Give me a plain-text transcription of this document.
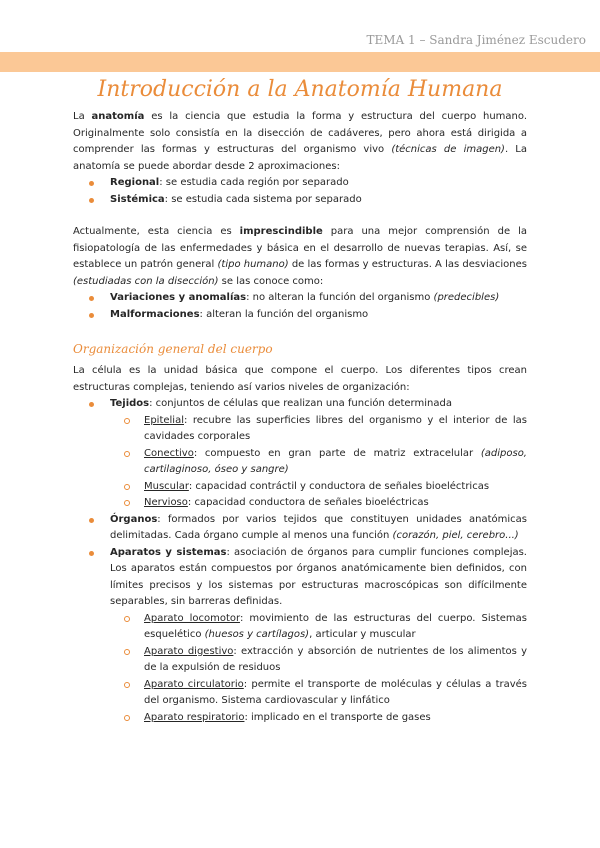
TEMA 1 – Sandra Jiménez Escudero
Introducción a la Anatomía Humana

La anatomía es la ciencia que estudia la forma y estructura del cuerpo humano. Originalmente solo consistía en la disección de cadáveres, pero ahora está dirigida a comprender las formas y estructuras del organismo vivo (técnicas de imagen). La anatomía se puede abordar desde 2 aproximaciones:

Regional: se estudia cada región por separado
Sistémica: se estudia cada sistema por separado

Actualmente, esta ciencia es imprescindible para una mejor comprensión de la fisiopatología de las enfermedades y básica en el desarrollo de nuevas terapias. Así, se establece un patrón general (tipo humano) de las formas y estructuras. A las desviaciones (estudiadas con la disección) se las conoce como:

Variaciones y anomalías: no alteran la función del organismo (predecibles)
Malformaciones: alteran la función del organismo
Organización general del cuerpo

La célula es la unidad básica que compone el cuerpo. Los diferentes tipos crean estructuras complejas, teniendo así varios niveles de organización:

Tejidos: conjuntos de células que realizan una función determinada
Epitelial: recubre las superficies libres del organismo y el interior de las cavidades corporales
Conectivo: compuesto en gran parte de matriz extracelular (adiposo, cartilaginoso, óseo y sangre)
Muscular: capacidad contráctil y conductora de señales bioeléctricas
Nervioso: capacidad conductora de señales bioeléctricas
Órganos: formados por varios tejidos que constituyen unidades anatómicas delimitadas. Cada órgano cumple al menos una función (corazón, piel, cerebro...)
Aparatos y sistemas: asociación de órganos para cumplir funciones complejas. Los aparatos están compuestos por órganos anatómicamente bien definidos, con límites precisos y los sistemas por estructuras macroscópicas son difícilmente separables, sin barreras definidas.
Aparato locomotor: movimiento de las estructuras del cuerpo. Sistemas esquelético (huesos y cartílagos), articular y muscular
Aparato digestivo: extracción y absorción de nutrientes de los alimentos y de la expulsión de residuos
Aparato circulatorio: permite el transporte de moléculas y células a través del organismo. Sistema cardiovascular y linfático
Aparato respiratorio: implicado en el transporte de gases
